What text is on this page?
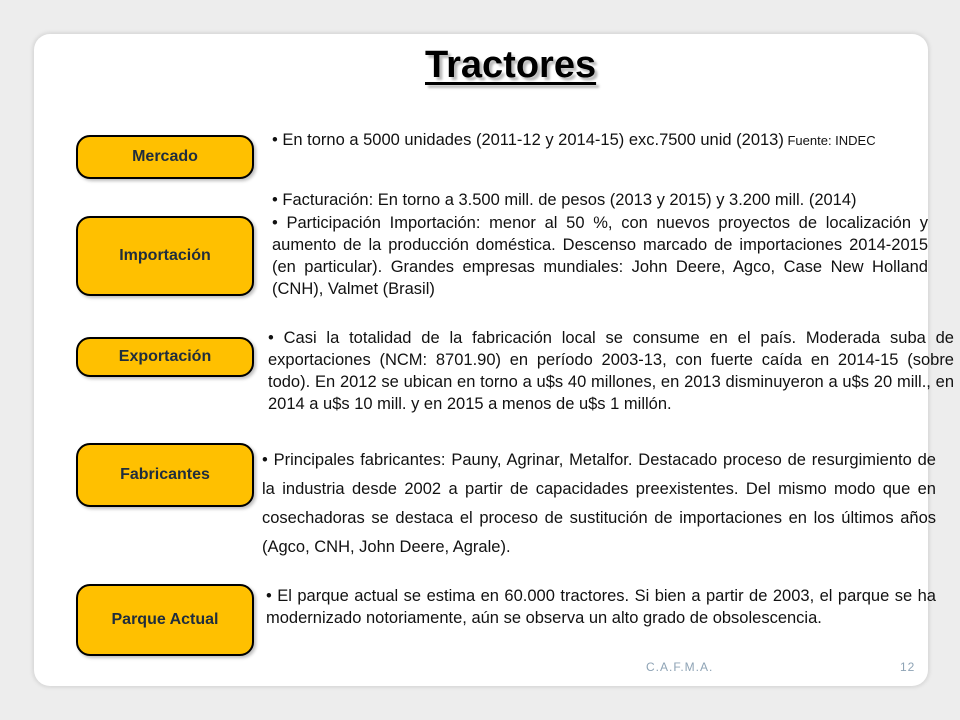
Tractores
Mercado

• En torno a 5000 unidades (2011-12 y 2014-15) exc.7500 unid (2013) Fuente: INDEC

• Facturación: En torno a 3.500 mill. de pesos (2013 y 2015) y 3.200 mill. (2014)

Importación

• Participación Importación: menor al 50 %, con nuevos proyectos de localización y aumento de la producción doméstica. Descenso marcado de importaciones 2014-2015 (en particular). Grandes empresas mundiales: John Deere, Agco, Case New Holland (CNH), Valmet (Brasil)

Exportación

• Casi la totalidad de la fabricación local se consume en el país. Moderada suba de exportaciones (NCM: 8701.90) en período 2003-13, con fuerte caída en 2014-15 (sobre todo). En 2012 se ubican en torno a u$s 40 millones, en 2013 disminuyeron a u$s 20 mill., en 2014 a u$s 10 mill. y en 2015 a menos de u$s 1 millón.

Fabricantes

• Principales fabricantes: Pauny, Agrinar, Metalfor. Destacado proceso de resurgimiento de la industria desde 2002 a partir de capacidades preexistentes. Del mismo modo que en cosechadoras se destaca el proceso de sustitución de importaciones en los últimos años (Agco, CNH, John Deere, Agrale).

Parque Actual

• El parque actual se estima en 60.000 tractores. Si bien a partir de 2003, el parque se ha modernizado notoriamente, aún se observa un alto grado de obsolescencia.

C.A.F.M.A.	12
